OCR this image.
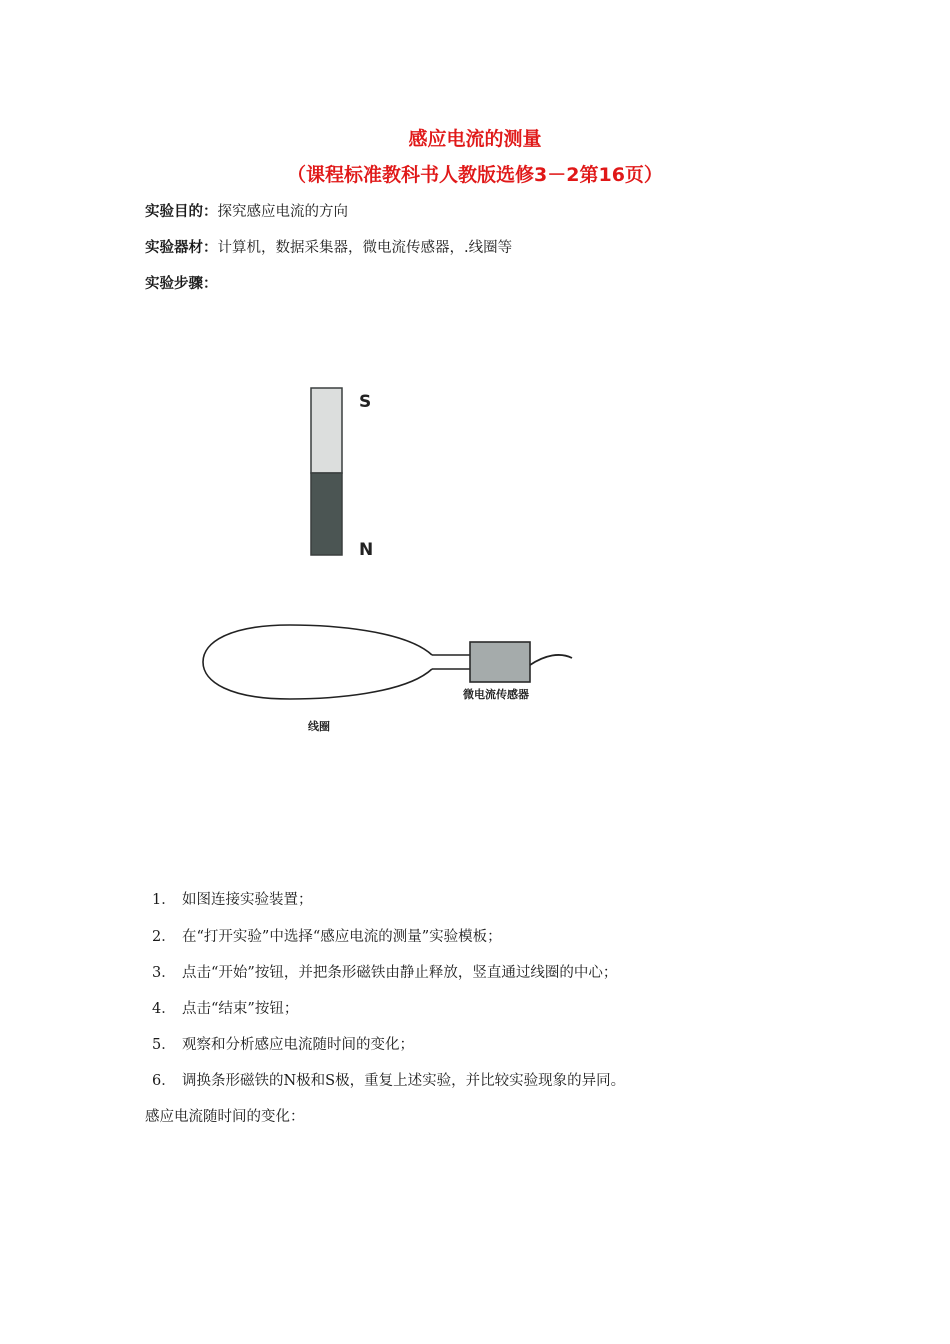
感应电流的测量
（课程标准教科书人教版选修3－2第16页）
实验目的：探究感应电流的方向
实验器材：计算机，数据采集器，微电流传感器，.线圈等
实验步骤：
S
N
微电流传感器
线圈
1． 如图连接实验装置；
2． 在“打开实验”中选择“感应电流的测量”实验模板；
3． 点击“开始”按钮，并把条形磁铁由静止释放，竖直通过线圈的中心；
4． 点击“结束”按钮；
5． 观察和分析感应电流随时间的变化；
6． 调换条形磁铁的N极和S极，重复上述实验，并比较实验现象的异同。
感应电流随时间的变化：
